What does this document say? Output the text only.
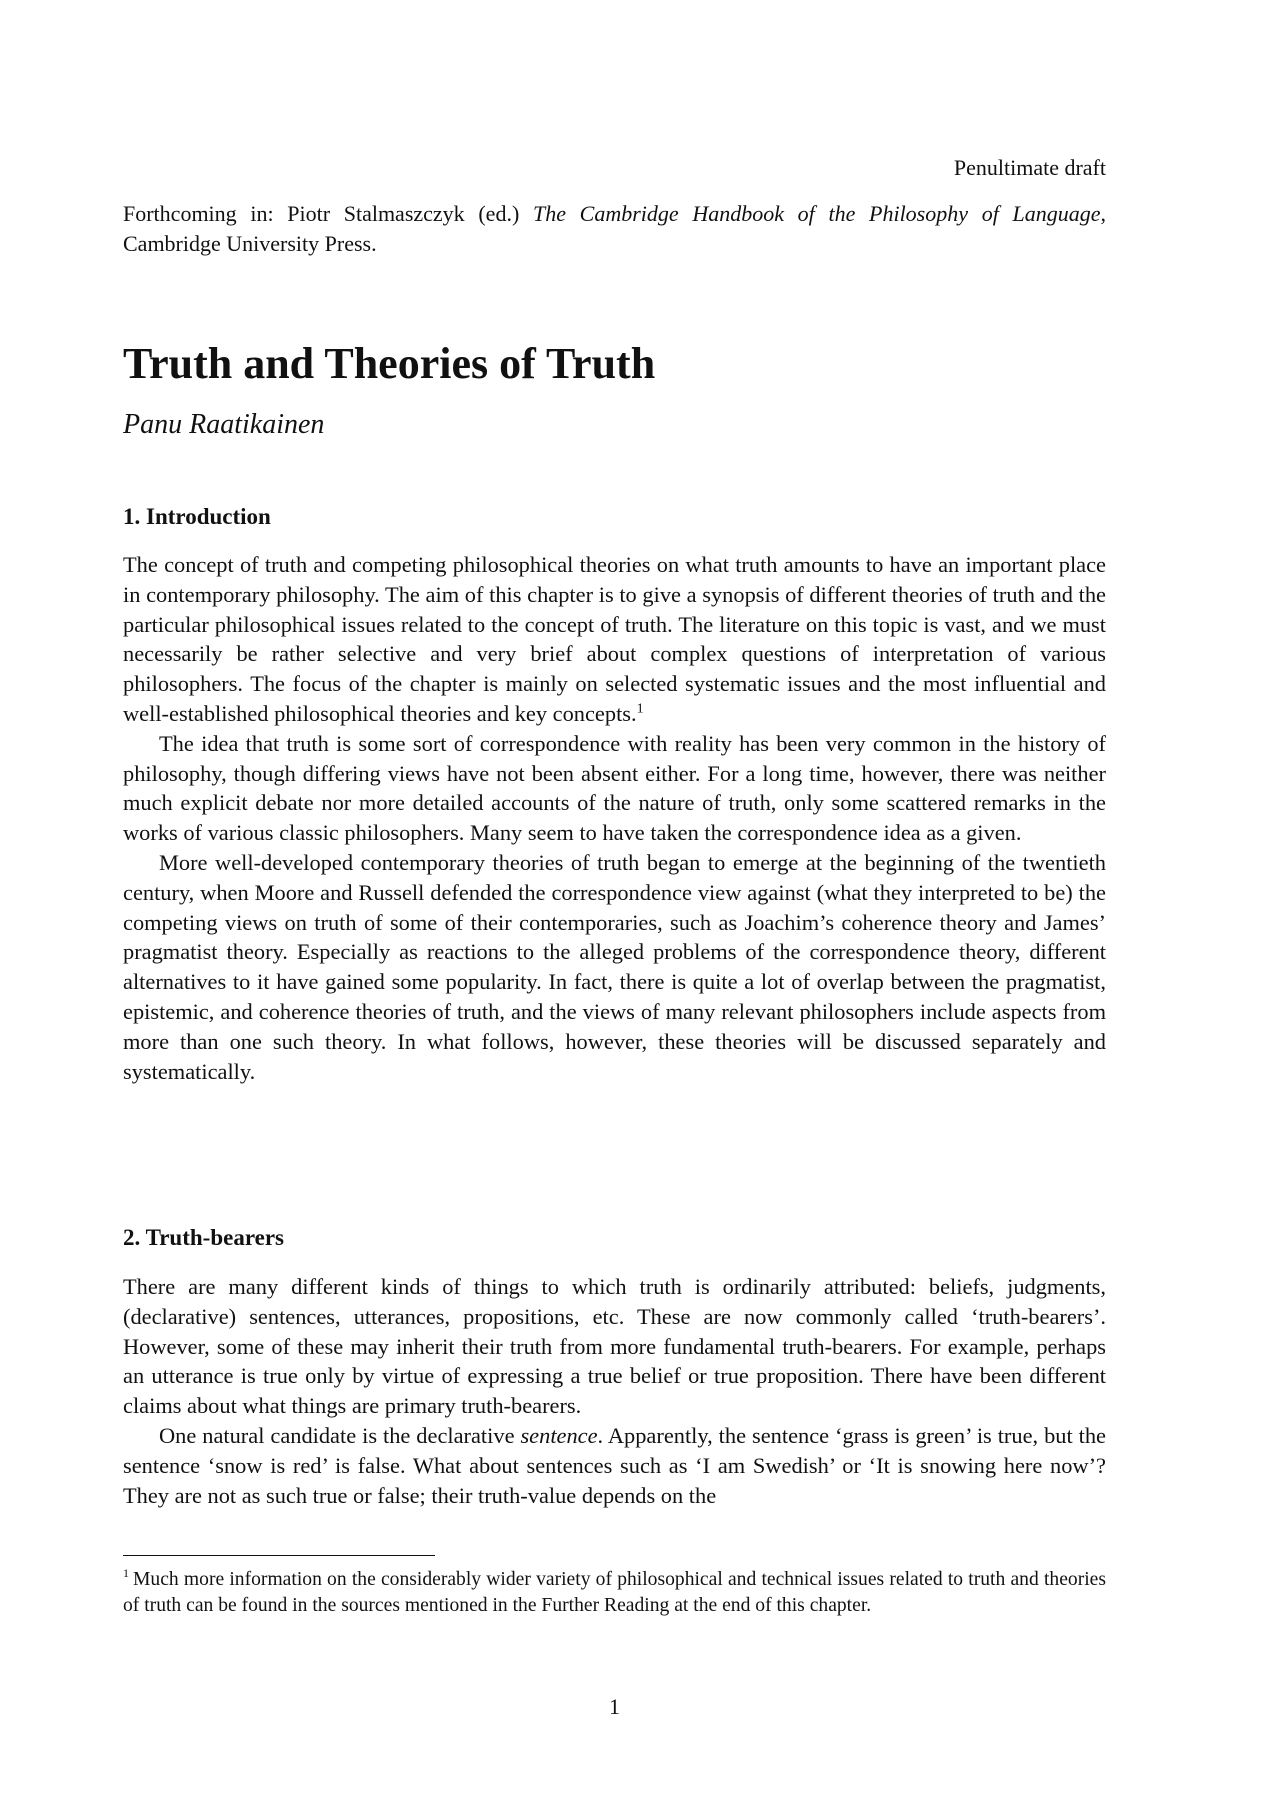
Penultimate draft
Forthcoming in: Piotr Stalmaszczyk (ed.) The Cambridge Handbook of the Philosophy of Language, Cambridge University Press.
Truth and Theories of Truth
Panu Raatikainen
1. Introduction

The concept of truth and competing philosophical theories on what truth amounts to have an important place in contemporary philosophy. The aim of this chapter is to give a synopsis of different theories of truth and the particular philosophical issues related to the concept of truth. The literature on this topic is vast, and we must necessarily be rather selective and very brief about complex questions of interpretation of various philosophers. The focus of the chapter is mainly on selected systematic issues and the most influential and well-established philosophical theories and key concepts.$^1$

The idea that truth is some sort of correspondence with reality has been very common in the history of philosophy, though differing views have not been absent either. For a long time, however, there was neither much explicit debate nor more detailed accounts of the nature of truth, only some scattered remarks in the works of various classic philosophers. Many seem to have taken the correspondence idea as a given.

More well-developed contemporary theories of truth began to emerge at the beginning of the twentieth century, when Moore and Russell defended the correspondence view against (what they interpreted to be) the competing views on truth of some of their contemporaries, such as Joachim’s coherence theory and James’ pragmatist theory. Especially as reactions to the alleged problems of the correspondence theory, different alternatives to it have gained some popularity. In fact, there is quite a lot of overlap between the pragmatist, epistemic, and coherence theories of truth, and the views of many relevant philosophers include aspects from more than one such theory. In what follows, however, these theories will be discussed separately and systematically.

2. Truth-bearers

There are many different kinds of things to which truth is ordinarily attributed: beliefs, judgments, (declarative) sentences, utterances, propositions, etc. These are now commonly called ‘truth-bearers’. However, some of these may inherit their truth from more fundamental truth-bearers. For example, perhaps an utterance is true only by virtue of expressing a true belief or true proposition. There have been different claims about what things are primary truth-bearers.

One natural candidate is the declarative sentence. Apparently, the sentence ‘grass is green’ is true, but the sentence ‘snow is red’ is false. What about sentences such as ‘I am Swedish’ or ‘It is snowing here now’? They are not as such true or false; their truth-value depends on the

$^1$ Much more information on the considerably wider variety of philosophical and technical issues related to truth and theories of truth can be found in the sources mentioned in the Further Reading at the end of this chapter.
1
